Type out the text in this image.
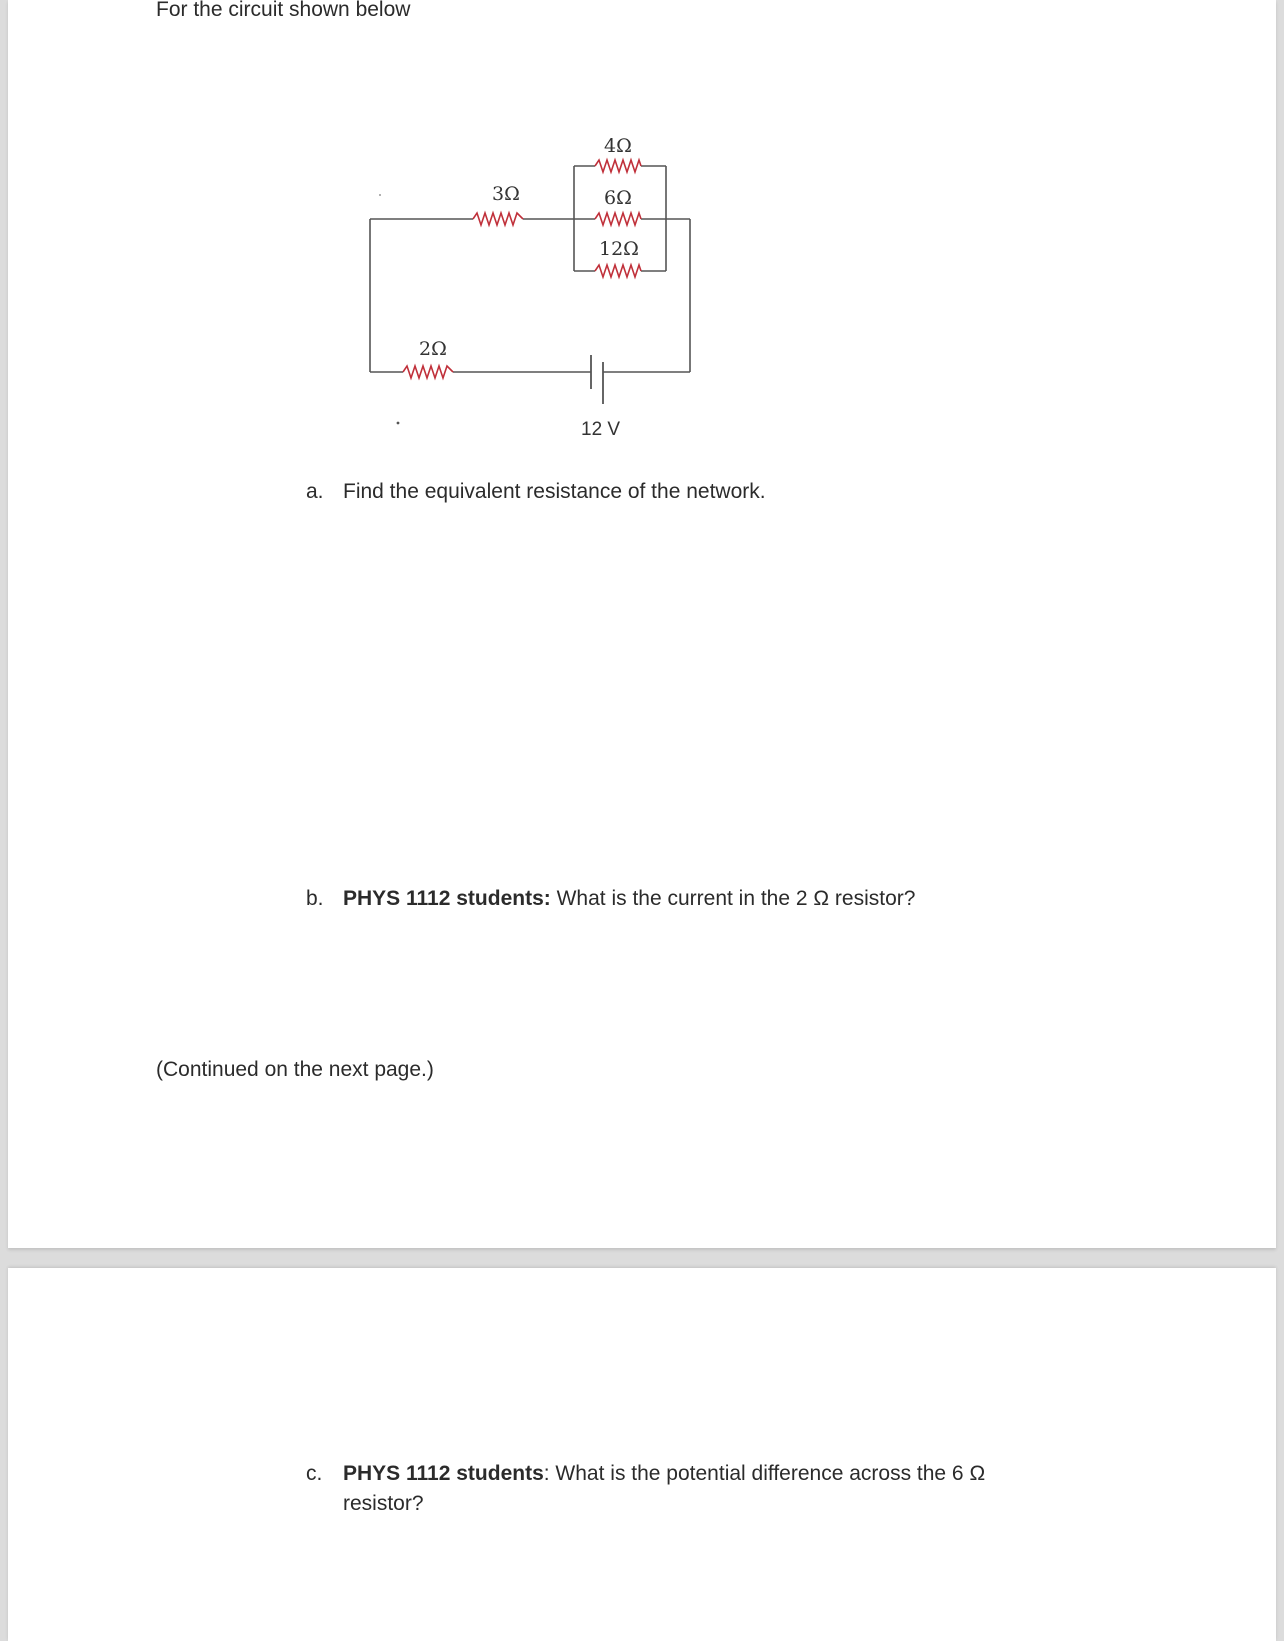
For the circuit shown below
4Ω
6Ω
12Ω
3Ω
2Ω
12 V
a. Find the equivalent resistance of the network.
b. PHYS 1112 students: What is the current in the 2 Ω resistor?
(Continued on the next page.)
c. PHYS 1112 students: What is the potential difference across the 6 Ω
resistor?
